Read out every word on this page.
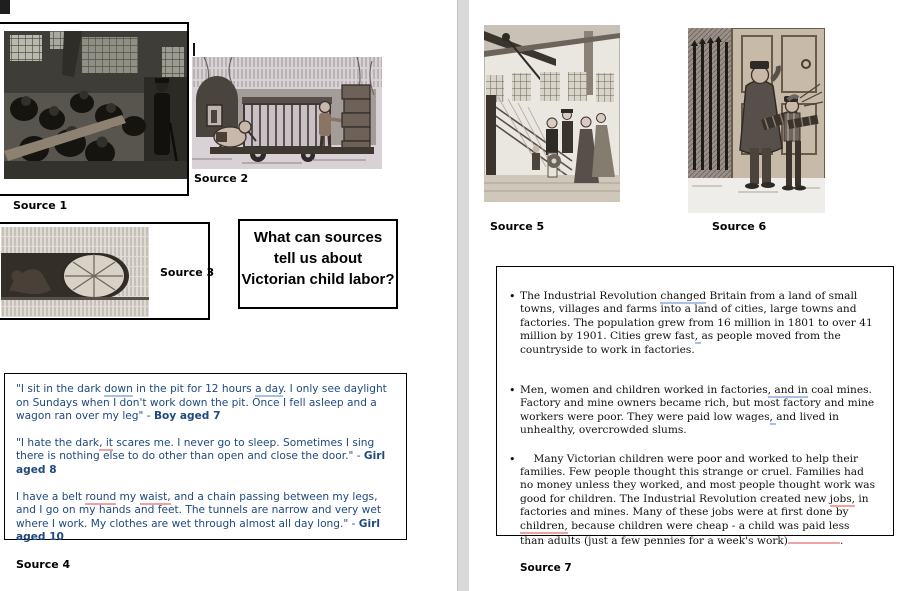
Source 1
Source 2
Source 3
What can sources
tell us about
Victorian child labor?

"I sit in the dark down in the pit for 12 hours a day. I only see daylight on Sundays when I don't work down the pit. Once I fell asleep and a wagon ran over my leg" - Boy aged 7

"I hate the dark, it scares me. I never go to sleep. Sometimes I sing there is nothing else to do other than open and close the door." - Girl aged 8

I have a belt round my waist, and a chain passing between my legs, and I go on my hands and feet. The tunnels are narrow and very wet where I work. My clothes are wet through almost all day long." - Girl aged 10

Source 4
Source 5	Source 6
• The Industrial Revolution changed Britain from a land of small towns, villages and farms into a land of cities, large towns and factories. The population grew from 16 million in 1801 to over 41 million by 1901. Cities grew fast, as people moved from the countryside to work in factories.
• Men, women and children worked in factories, and in coal mines. Factory and mine owners became rich, but most factory and mine workers were poor. They were paid low wages, and lived in unhealthy, overcrowded slums.
•     Many Victorian children were poor and worked to help their families. Few people thought this strange or cruel. Families had no money unless they worked, and most people thought work was good for children. The Industrial Revolution created new jobs, in factories and mines. Many of these jobs were at first done by children, because children were cheap - a child was paid less than adults (just a few pennies for a week's work)	.
Source 7
